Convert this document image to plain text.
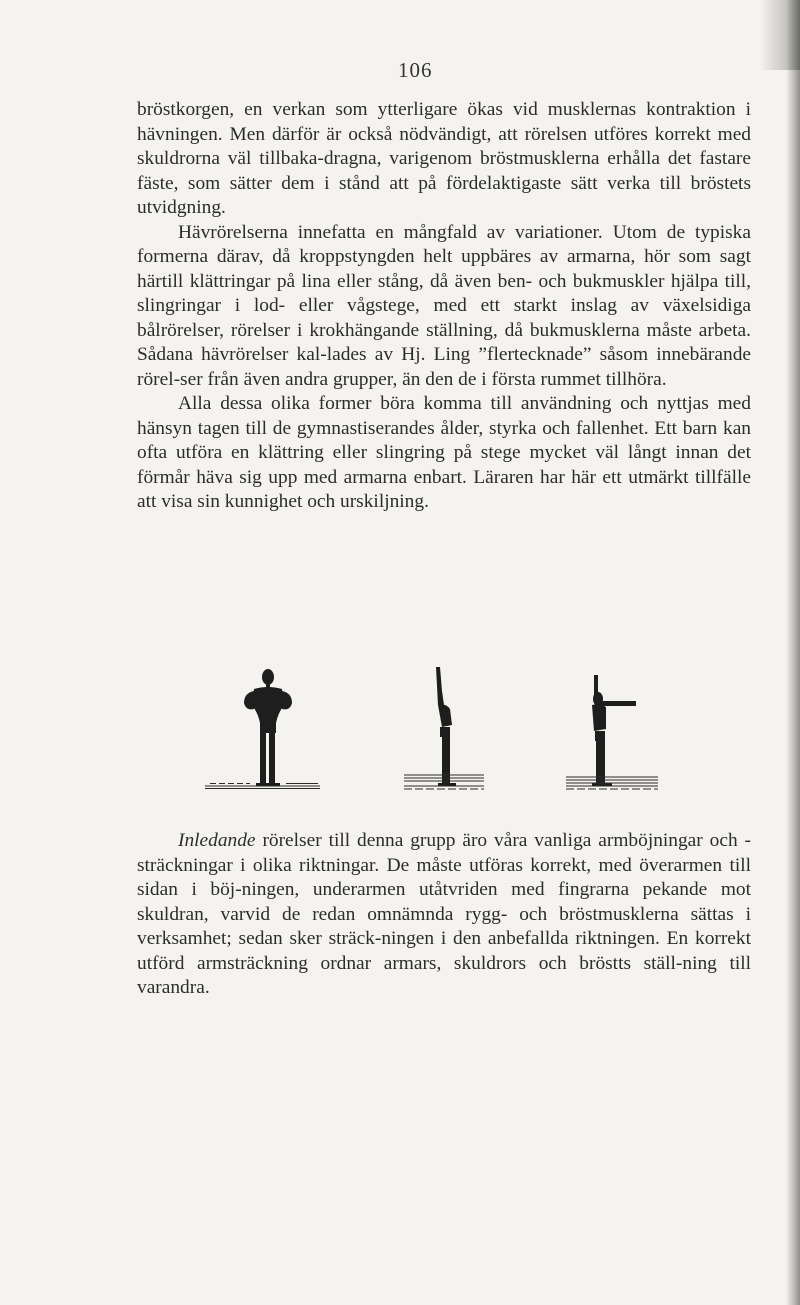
106

bröstkorgen, en verkan som ytterligare ökas vid musklernas kontraktion i hävningen. Men därför är också nödvändigt, att rörelsen utföres korrekt med skuldrorna väl tillbaka-dragna, varigenom bröstmusklerna erhålla det fastare fäste, som sätter dem i stånd att på fördelaktigaste sätt verka till bröstets utvidgning.

Hävrörelserna innefatta en mångfald av variationer. Utom de typiska formerna därav, då kroppstyngden helt uppbäres av armarna, hör som sagt härtill klättringar på lina eller stång, då även ben- och bukmuskler hjälpa till, slingringar i lod- eller vågstege, med ett starkt inslag av växelsidiga bålrörelser, rörelser i krokhängande ställning, då bukmusklerna måste arbeta. Sådana hävrörelser kal-lades av Hj. Ling ”flertecknade” såsom innebärande rörel-ser från även andra grupper, än den de i första rummet tillhöra.

Alla dessa olika former böra komma till användning och nyttjas med hänsyn tagen till de gymnastiserandes ålder, styrka och fallenhet. Ett barn kan ofta utföra en klättring eller slingring på stege mycket väl långt innan det förmår häva sig upp med armarna enbart. Läraren har här ett utmärkt tillfälle att visa sin kunnighet och urskiljning.

Inledande rörelser till denna grupp äro våra vanliga armböjningar och -sträckningar i olika riktningar. De måste utföras korrekt, med överarmen till sidan i böj-ningen, underarmen utåtvriden med fingrarna pekande mot skuldran, varvid de redan omnämnda rygg- och bröstmusklerna sättas i verksamhet; sedan sker sträck-ningen i den anbefallda riktningen. En korrekt utförd armsträckning ordnar armars, skuldrors och bröstts ställ-ning till varandra.
